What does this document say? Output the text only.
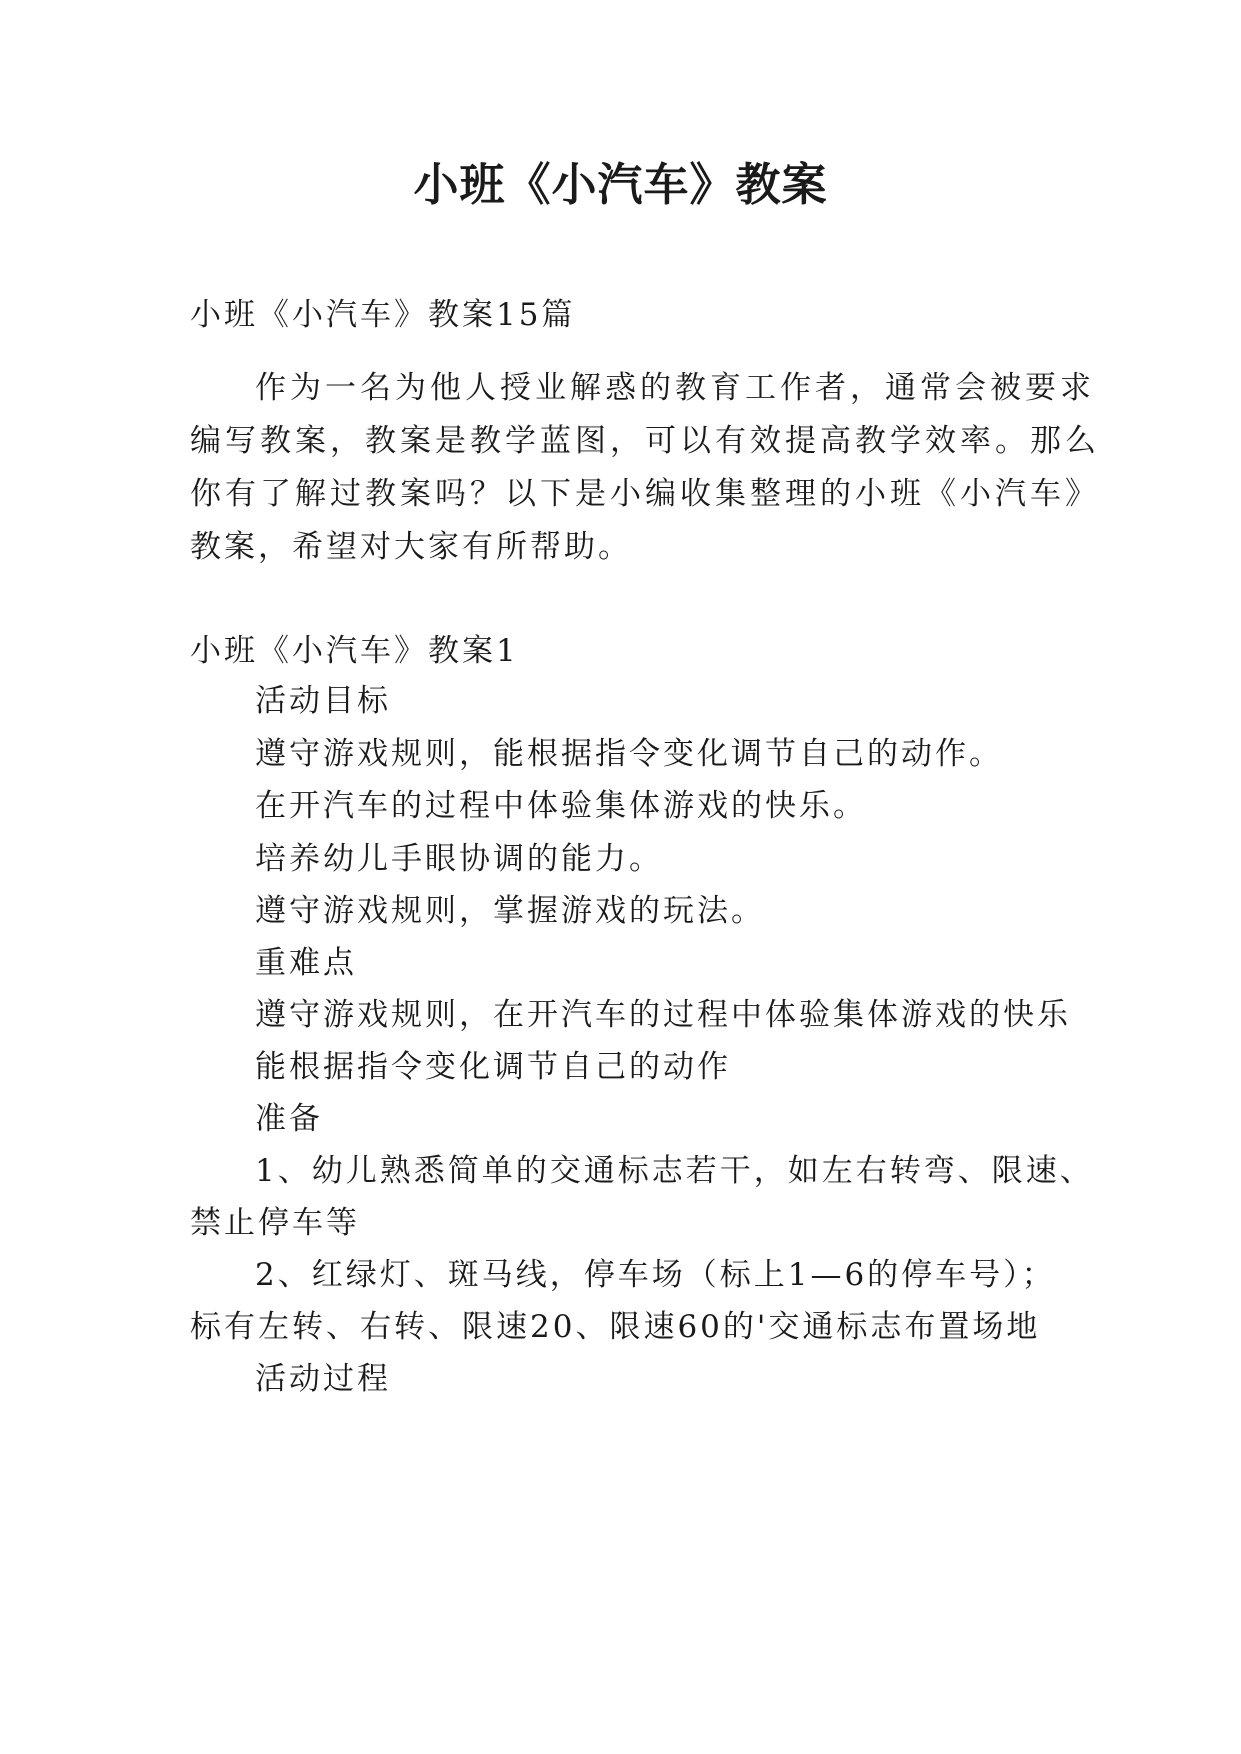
小班《小汽车》教案

小班《小汽车》教案15篇

作为一名为他人授业解惑的教育工作者，通常会被要求

编写教案，教案是教学蓝图，可以有效提高教学效率。那么

你有了解过教案吗？以下是小编收集整理的小班《小汽车》

教案，希望对大家有所帮助。

小班《小汽车》教案1

活动目标

遵守游戏规则，能根据指令变化调节自己的动作。

在开汽车的过程中体验集体游戏的快乐。

培养幼儿手眼协调的能力。

遵守游戏规则，掌握游戏的玩法。

重难点

遵守游戏规则，在开汽车的过程中体验集体游戏的快乐

能根据指令变化调节自己的动作

准备

1、幼儿熟悉简单的交通标志若干，如左右转弯、限速、

禁止停车等

2、红绿灯、斑马线，停车场（标上1—6的停车号）；

标有左转、右转、限速20、限速60的'交通标志布置场地

活动过程
